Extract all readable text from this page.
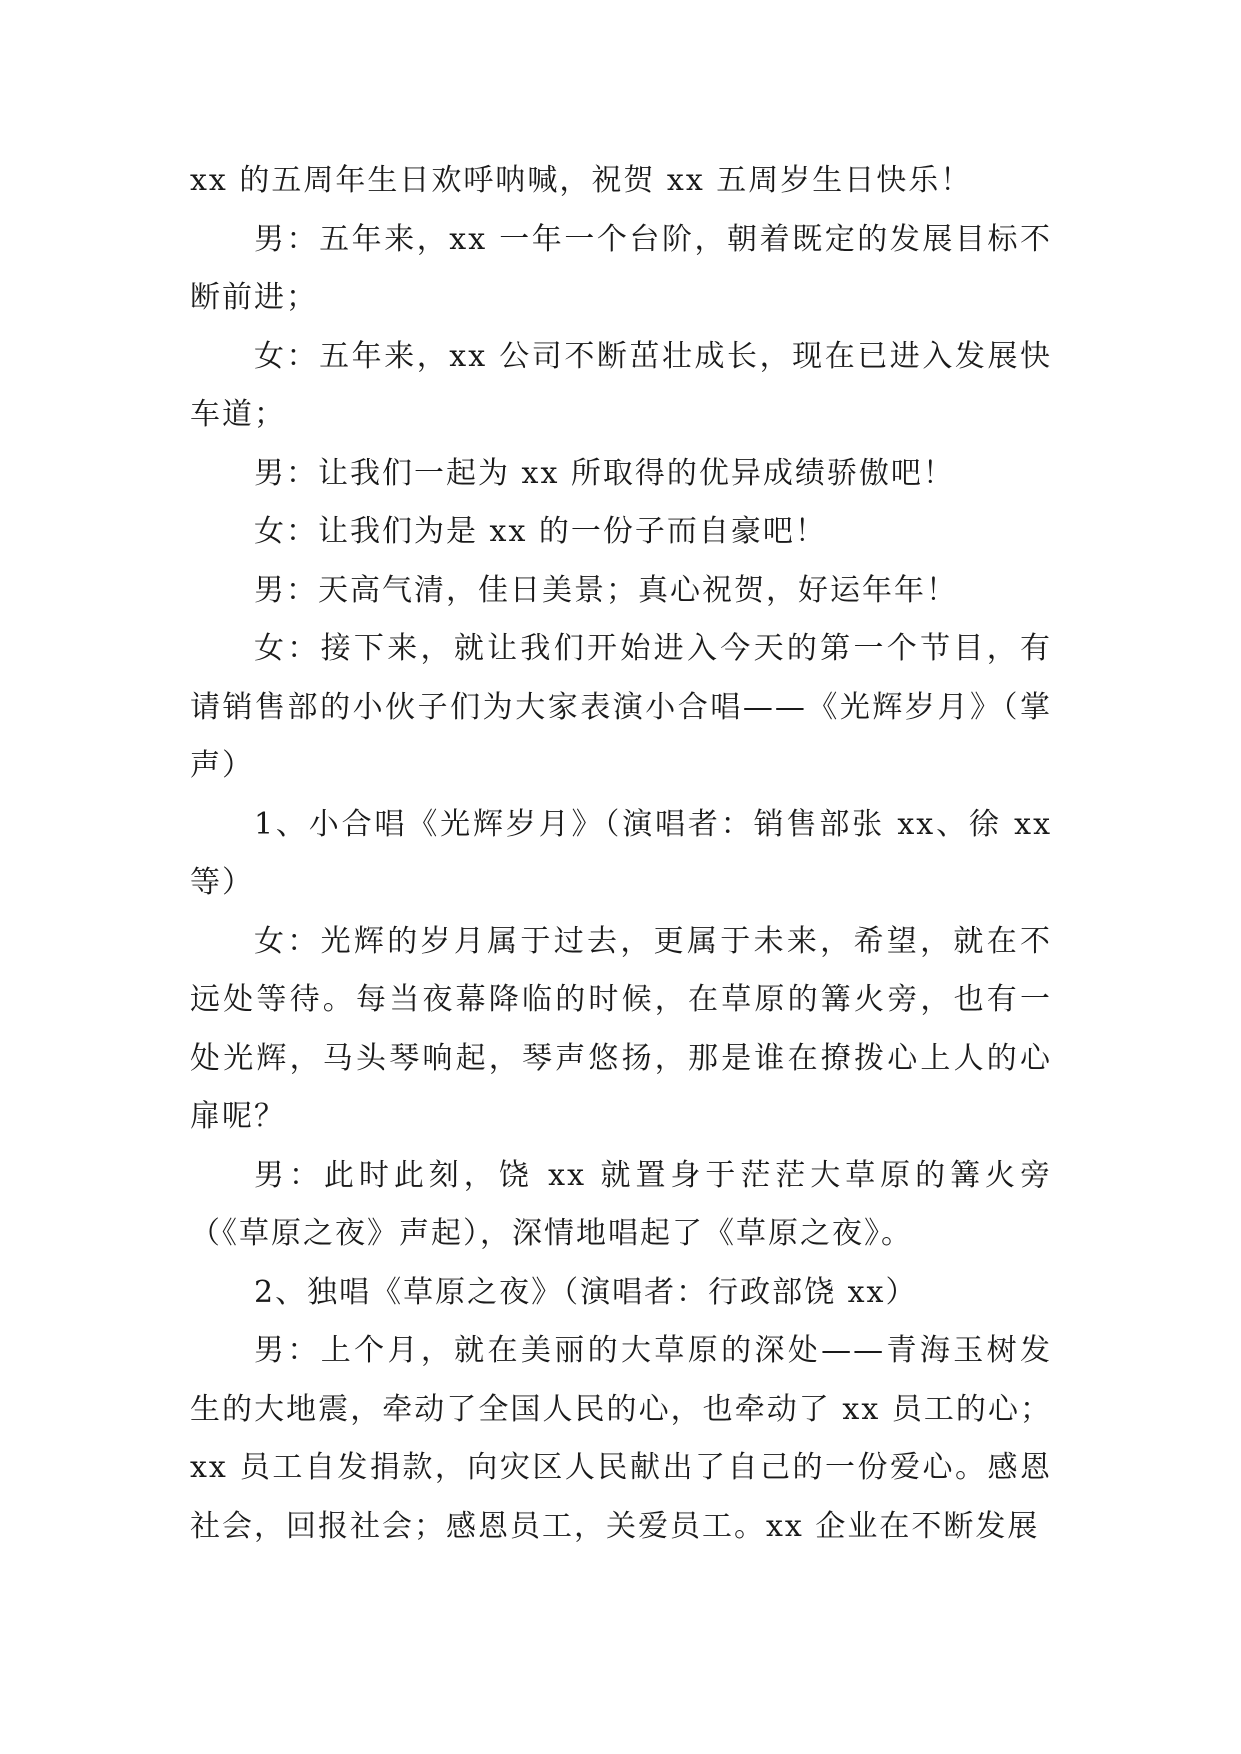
xx 的五周年生日欢呼呐喊，祝贺 xx 五周岁生日快乐！

男：五年来，xx 一年一个台阶，朝着既定的发展目标不断前进；

女：五年来，xx 公司不断茁壮成长，现在已进入发展快车道；

男：让我们一起为 xx 所取得的优异成绩骄傲吧！

女：让我们为是 xx 的一份子而自豪吧！

男：天高气清，佳日美景；真心祝贺，好运年年！

女：接下来，就让我们开始进入今天的第一个节目，有请销售部的小伙子们为大家表演小合唱——《光辉岁月》（掌声）

1、小合唱《光辉岁月》（演唱者：销售部张 xx、徐 xx 等）

女：光辉的岁月属于过去，更属于未来，希望，就在不远处等待。每当夜幕降临的时候，在草原的篝火旁，也有一处光辉，马头琴响起，琴声悠扬，那是谁在撩拨心上人的心扉呢？

男：此时此刻，饶 xx 就置身于茫茫大草原的篝火旁（《草原之夜》声起），深情地唱起了《草原之夜》。

2、独唱《草原之夜》（演唱者：行政部饶 xx）

男：上个月，就在美丽的大草原的深处——青海玉树发生的大地震，牵动了全国人民的心，也牵动了 xx 员工的心；xx 员工自发捐款，向灾区人民献出了自己的一份爱心。感恩社会，回报社会；感恩员工，关爱员工。xx 企业在不断发展
